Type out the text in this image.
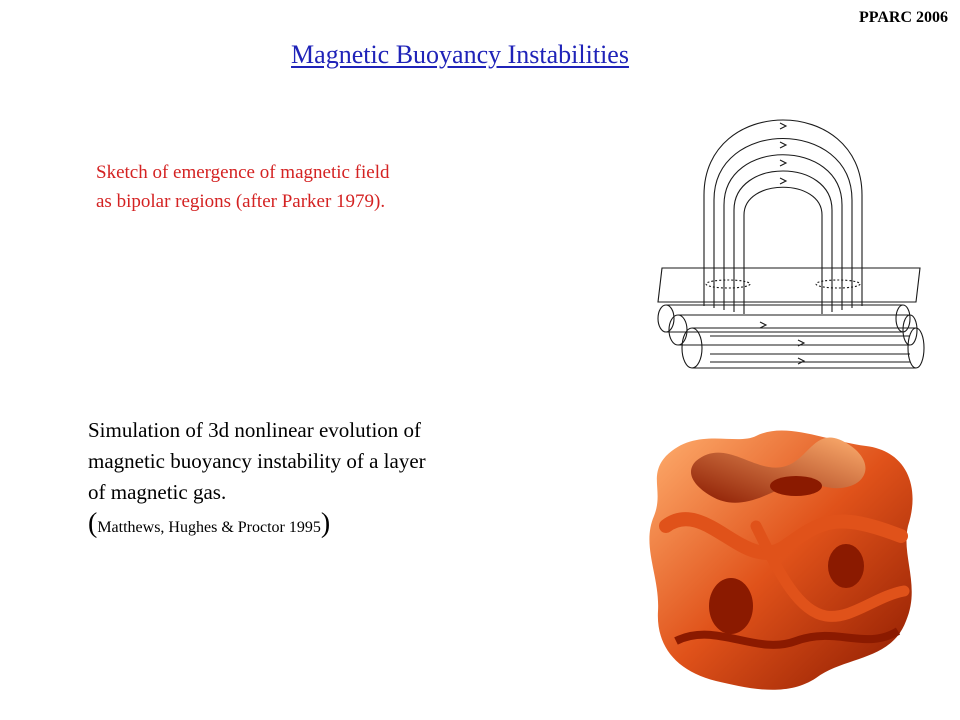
PPARC 2006
Magnetic Buoyancy Instabilities
Sketch of emergence of magnetic field
as bipolar regions (after Parker 1979).
Simulation of 3d nonlinear evolution of
magnetic buoyancy instability of a layer
of magnetic gas.
(Matthews, Hughes & Proctor 1995)
